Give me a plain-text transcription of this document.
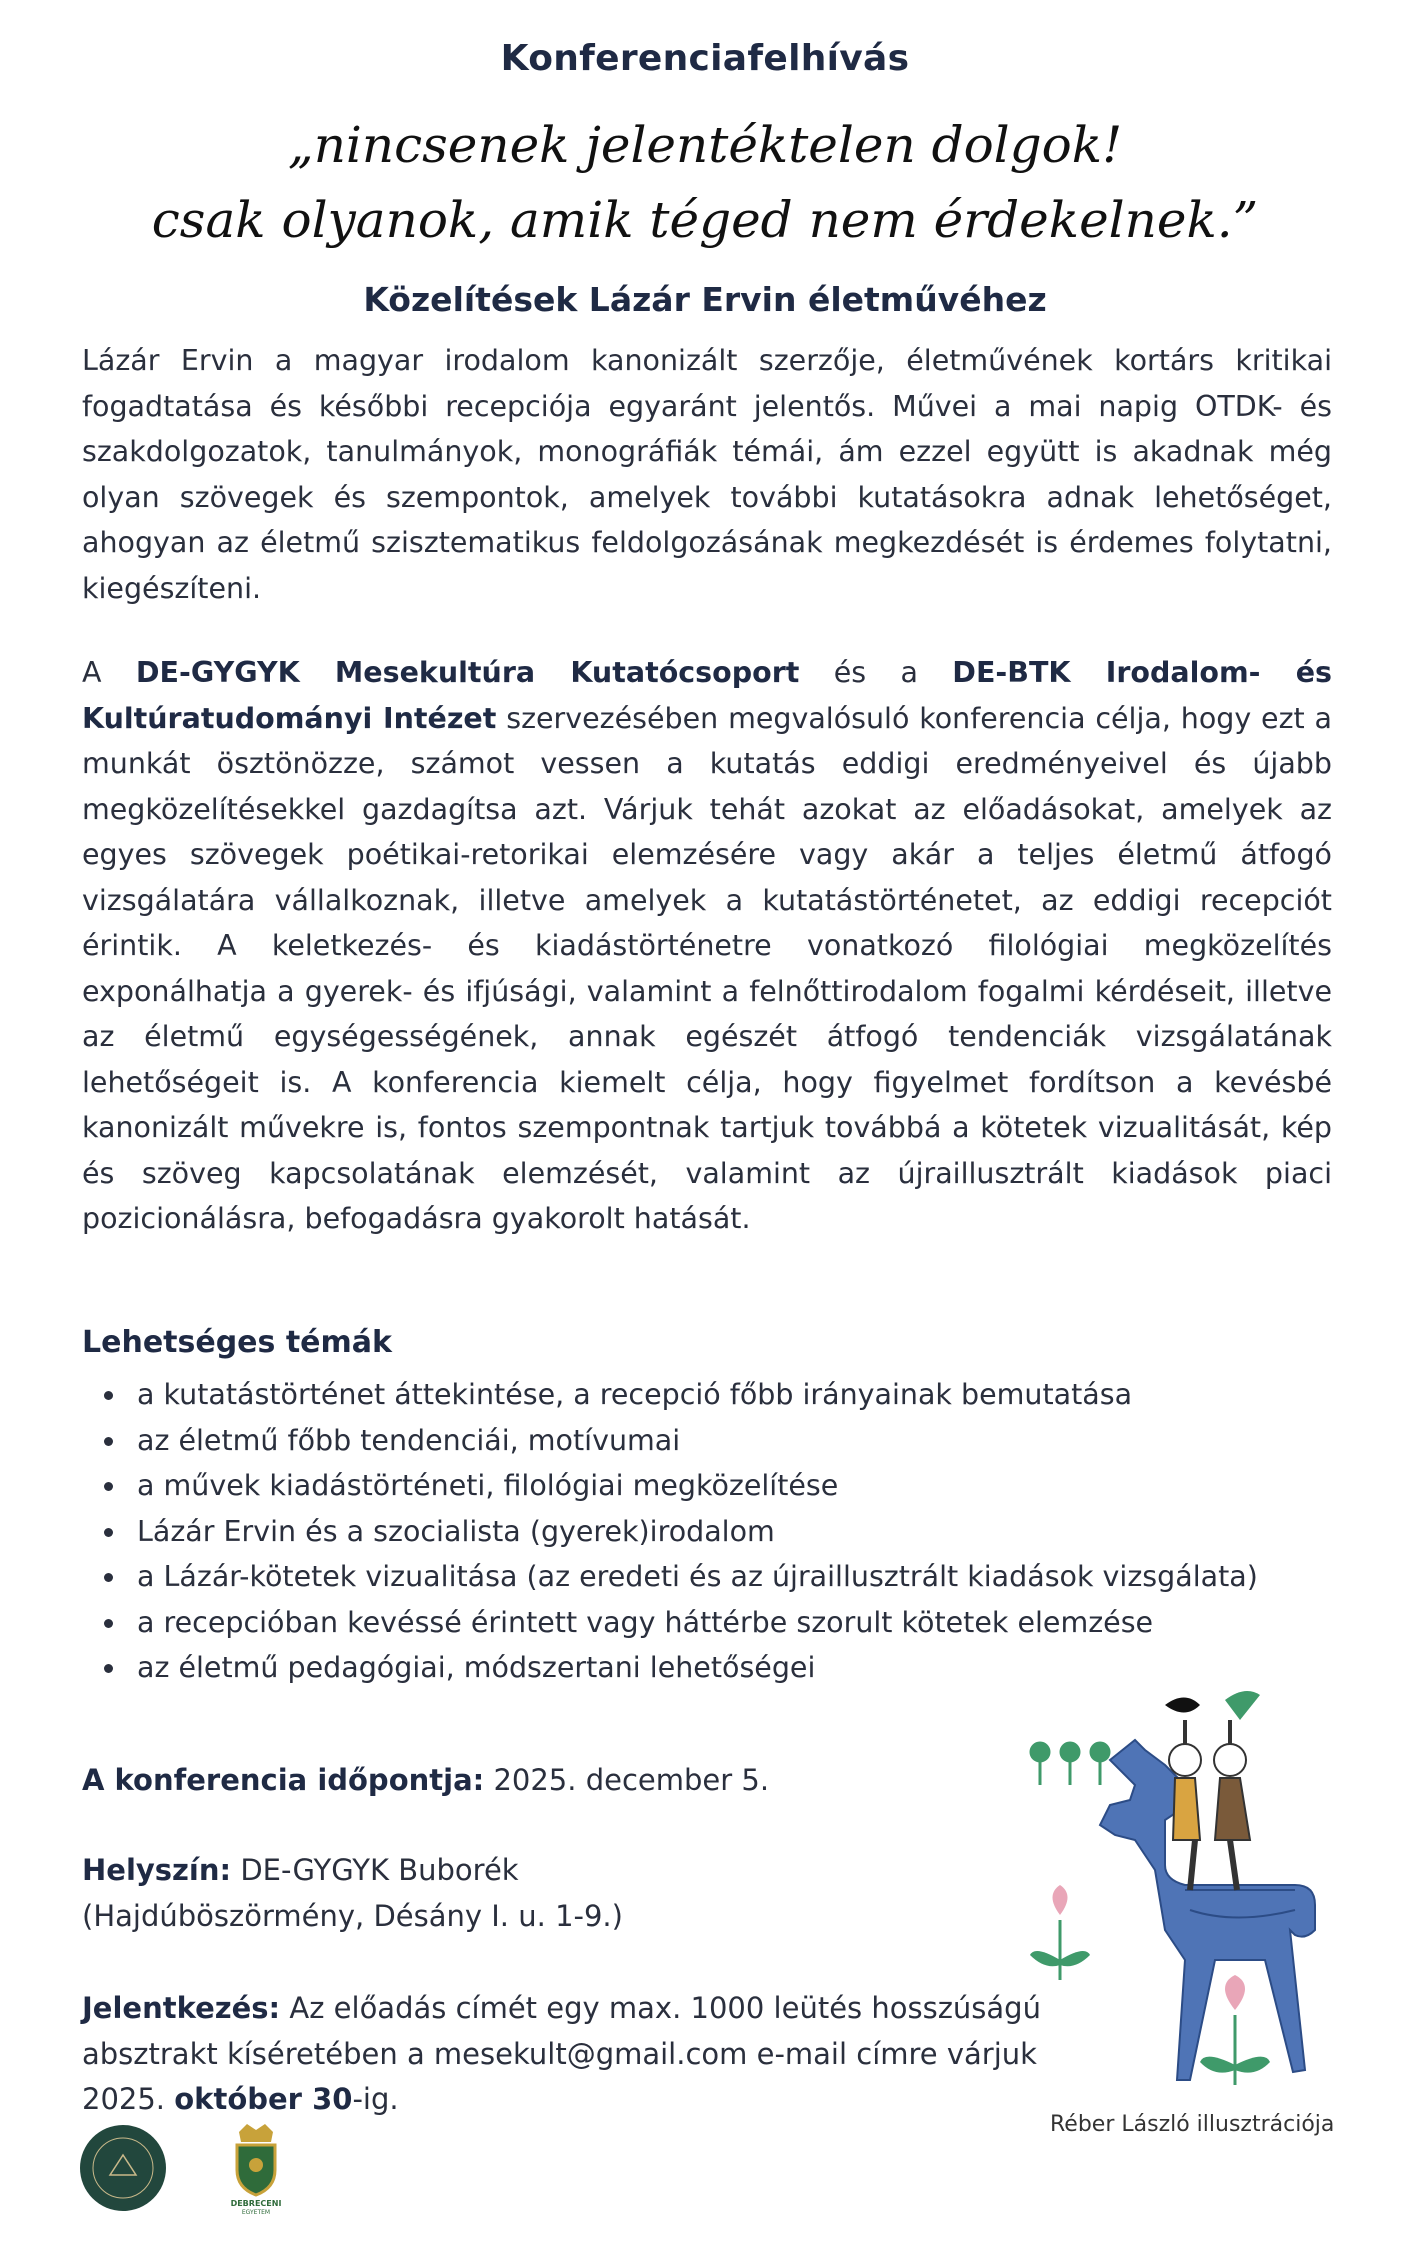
Konferenciafelhívás
„nincsenek jelentéktelen dolgok!
csak olyanok, amik téged nem érdekelnek.”
Közelítések Lázár Ervin életművéhez
Lázár Ervin a magyar irodalom kanonizált szerzője, életművének kortárs kritikai fogadtatása és későbbi recepciója egyaránt jelentős. Művei a mai napig OTDK- és szakdolgozatok, tanulmányok, monográfiák témái, ám ezzel együtt is akadnak még olyan szövegek és szempontok, amelyek további kutatásokra adnak lehetőséget, ahogyan az életmű szisztematikus feldolgozásának megkezdését is érdemes folytatni, kiegészíteni.
A DE-GYGYK Mesekultúra Kutatócsoport és a DE-BTK Irodalom- és Kultúratudományi Intézet szervezésében megvalósuló konferencia célja, hogy ezt a munkát ösztönözze, számot vessen a kutatás eddigi eredményeivel és újabb megközelítésekkel gazdagítsa azt. Várjuk tehát azokat az előadásokat, amelyek az egyes szövegek poétikai-retorikai elemzésére vagy akár a teljes életmű átfogó vizsgálatára vállalkoznak, illetve amelyek a kutatástörténetet, az eddigi recepciót érintik. A keletkezés- és kiadástörténetre vonatkozó filológiai megközelítés exponálhatja a gyerek- és ifjúsági, valamint a felnőttirodalom fogalmi kérdéseit, illetve az életmű egységességének, annak egészét átfogó tendenciák vizsgálatának lehetőségeit is. A konferencia kiemelt célja, hogy figyelmet fordítson a kevésbé kanonizált művekre is, fontos szempontnak tartjuk továbbá a kötetek vizualitását, kép és szöveg kapcsolatának elemzését, valamint az újraillusztrált kiadások piaci pozicionálásra, befogadásra gyakorolt hatását.
Lehetséges témák
a kutatástörténet áttekintése, a recepció főbb irányainak bemutatása
az életmű főbb tendenciái, motívumai
a művek kiadástörténeti, filológiai megközelítése
Lázár Ervin és a szocialista (gyerek)irodalom
a Lázár-kötetek vizualitása (az eredeti és az újraillusztrált kiadások vizsgálata)
a recepcióban kevéssé érintett vagy háttérbe szorult kötetek elemzése
az életmű pedagógiai, módszertani lehetőségei
A konferencia időpontja: 2025. december 5.
Helyszín: DE-GYGYK Buborék
(Hajdúböszörmény, Désány I. u. 1-9.)
Jelentkezés: Az előadás címét egy max. 1000 leütés hosszúságú absztrakt kíséretében a mesekult@gmail.com e-mail címre várjuk 2025. október 30-ig.
Réber László illusztrációja
DEBRECENI
EGYETEM
